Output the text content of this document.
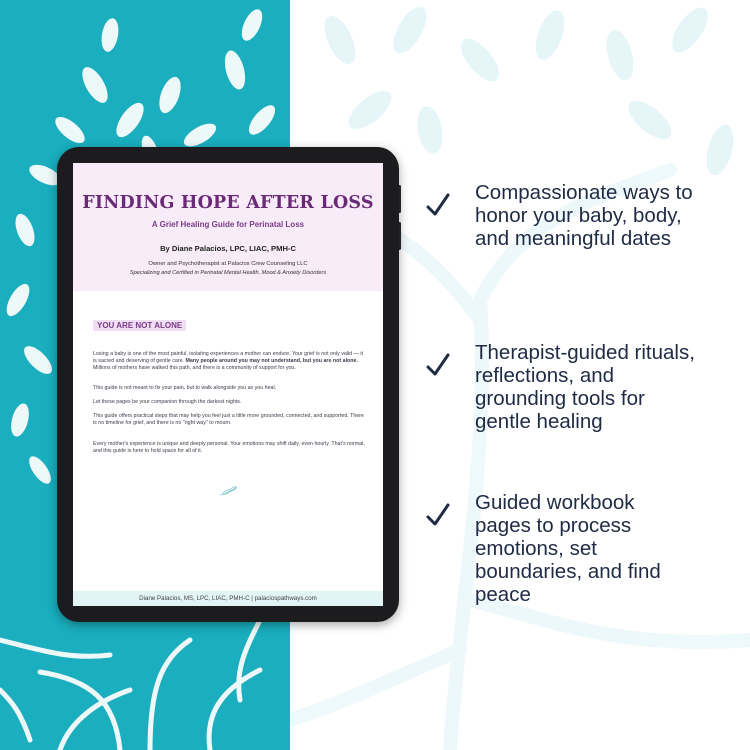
FINDING HOPE AFTER LOSS
A Grief Healing Guide for Perinatal Loss
By Diane Palacios, LPC, LIAC, PMH-C
Owner and Psychotherapist at Palacios Crew Counseling LLC
Specializing and Certified in Perinatal Mental Health, Mood & Anxiety Disorders
YOU ARE NOT ALONE
Losing a baby is one of the most painful, isolating experiences a mother can endure. Your grief is not only valid — it is sacred and deserving of gentle care. Many people around you may not understand, but you are not alone. Millions of mothers have walked this path, and there is a community of support for you.
This guide is not meant to fix your pain, but to walk alongside you as you heal.
Let these pages be your companion through the darkest nights.
This guide offers practical steps that may help you feel just a little more grounded, connected, and supported. There is no timeline for grief, and there is no "right way" to mourn.
Every mother's experience is unique and deeply personal. Your emotions may shift daily, even hourly. That's normal, and this guide is here to hold space for all of it.
Diane Palacios, MS, LPC, LIAC, PMH-C | palaciospathways.com
Compassionate ways to honor your baby, body, and meaningful dates
Therapist-guided rituals, reflections, and grounding tools for gentle healing
Guided workbook pages to process emotions, set boundaries, and find peace
